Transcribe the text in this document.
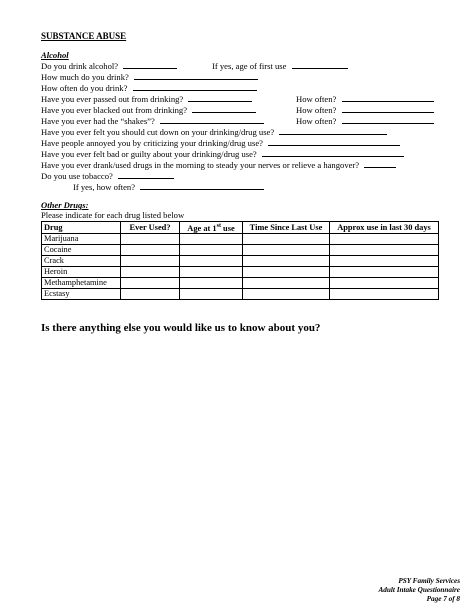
SUBSTANCE ABUSE
Alcohol
Do you drink alcohol?	If yes, age of first use
How much do you drink?
How often do you drink?
Have you ever passed out from drinking?	How often?
Have you ever blacked out from drinking?	How often?
Have you ever had the “shakes”?	How often?
Have you ever felt you should cut down on your drinking/drug use?
Have people annoyed you by criticizing your drinking/drug use?
Have you ever felt bad or guilty about your drinking/drug use?
Have you ever drank/used drugs in the morning to steady your nerves or relieve a hangover?
Do you use tobacco?
If yes, how often?
Other Drugs:
Please indicate for each drug listed below
Drug	Ever Used?	Age at 1st use	Time Since Last Use	Approx use in last 30 days
Marijuana				
Cocaine				
Crack				
Heroin				
Methamphetamine				
Ecstasy				
Is there anything else you would like us to know about you?
PSY Family Services
Adult Intake Questionnaire
Page 7 of 8
